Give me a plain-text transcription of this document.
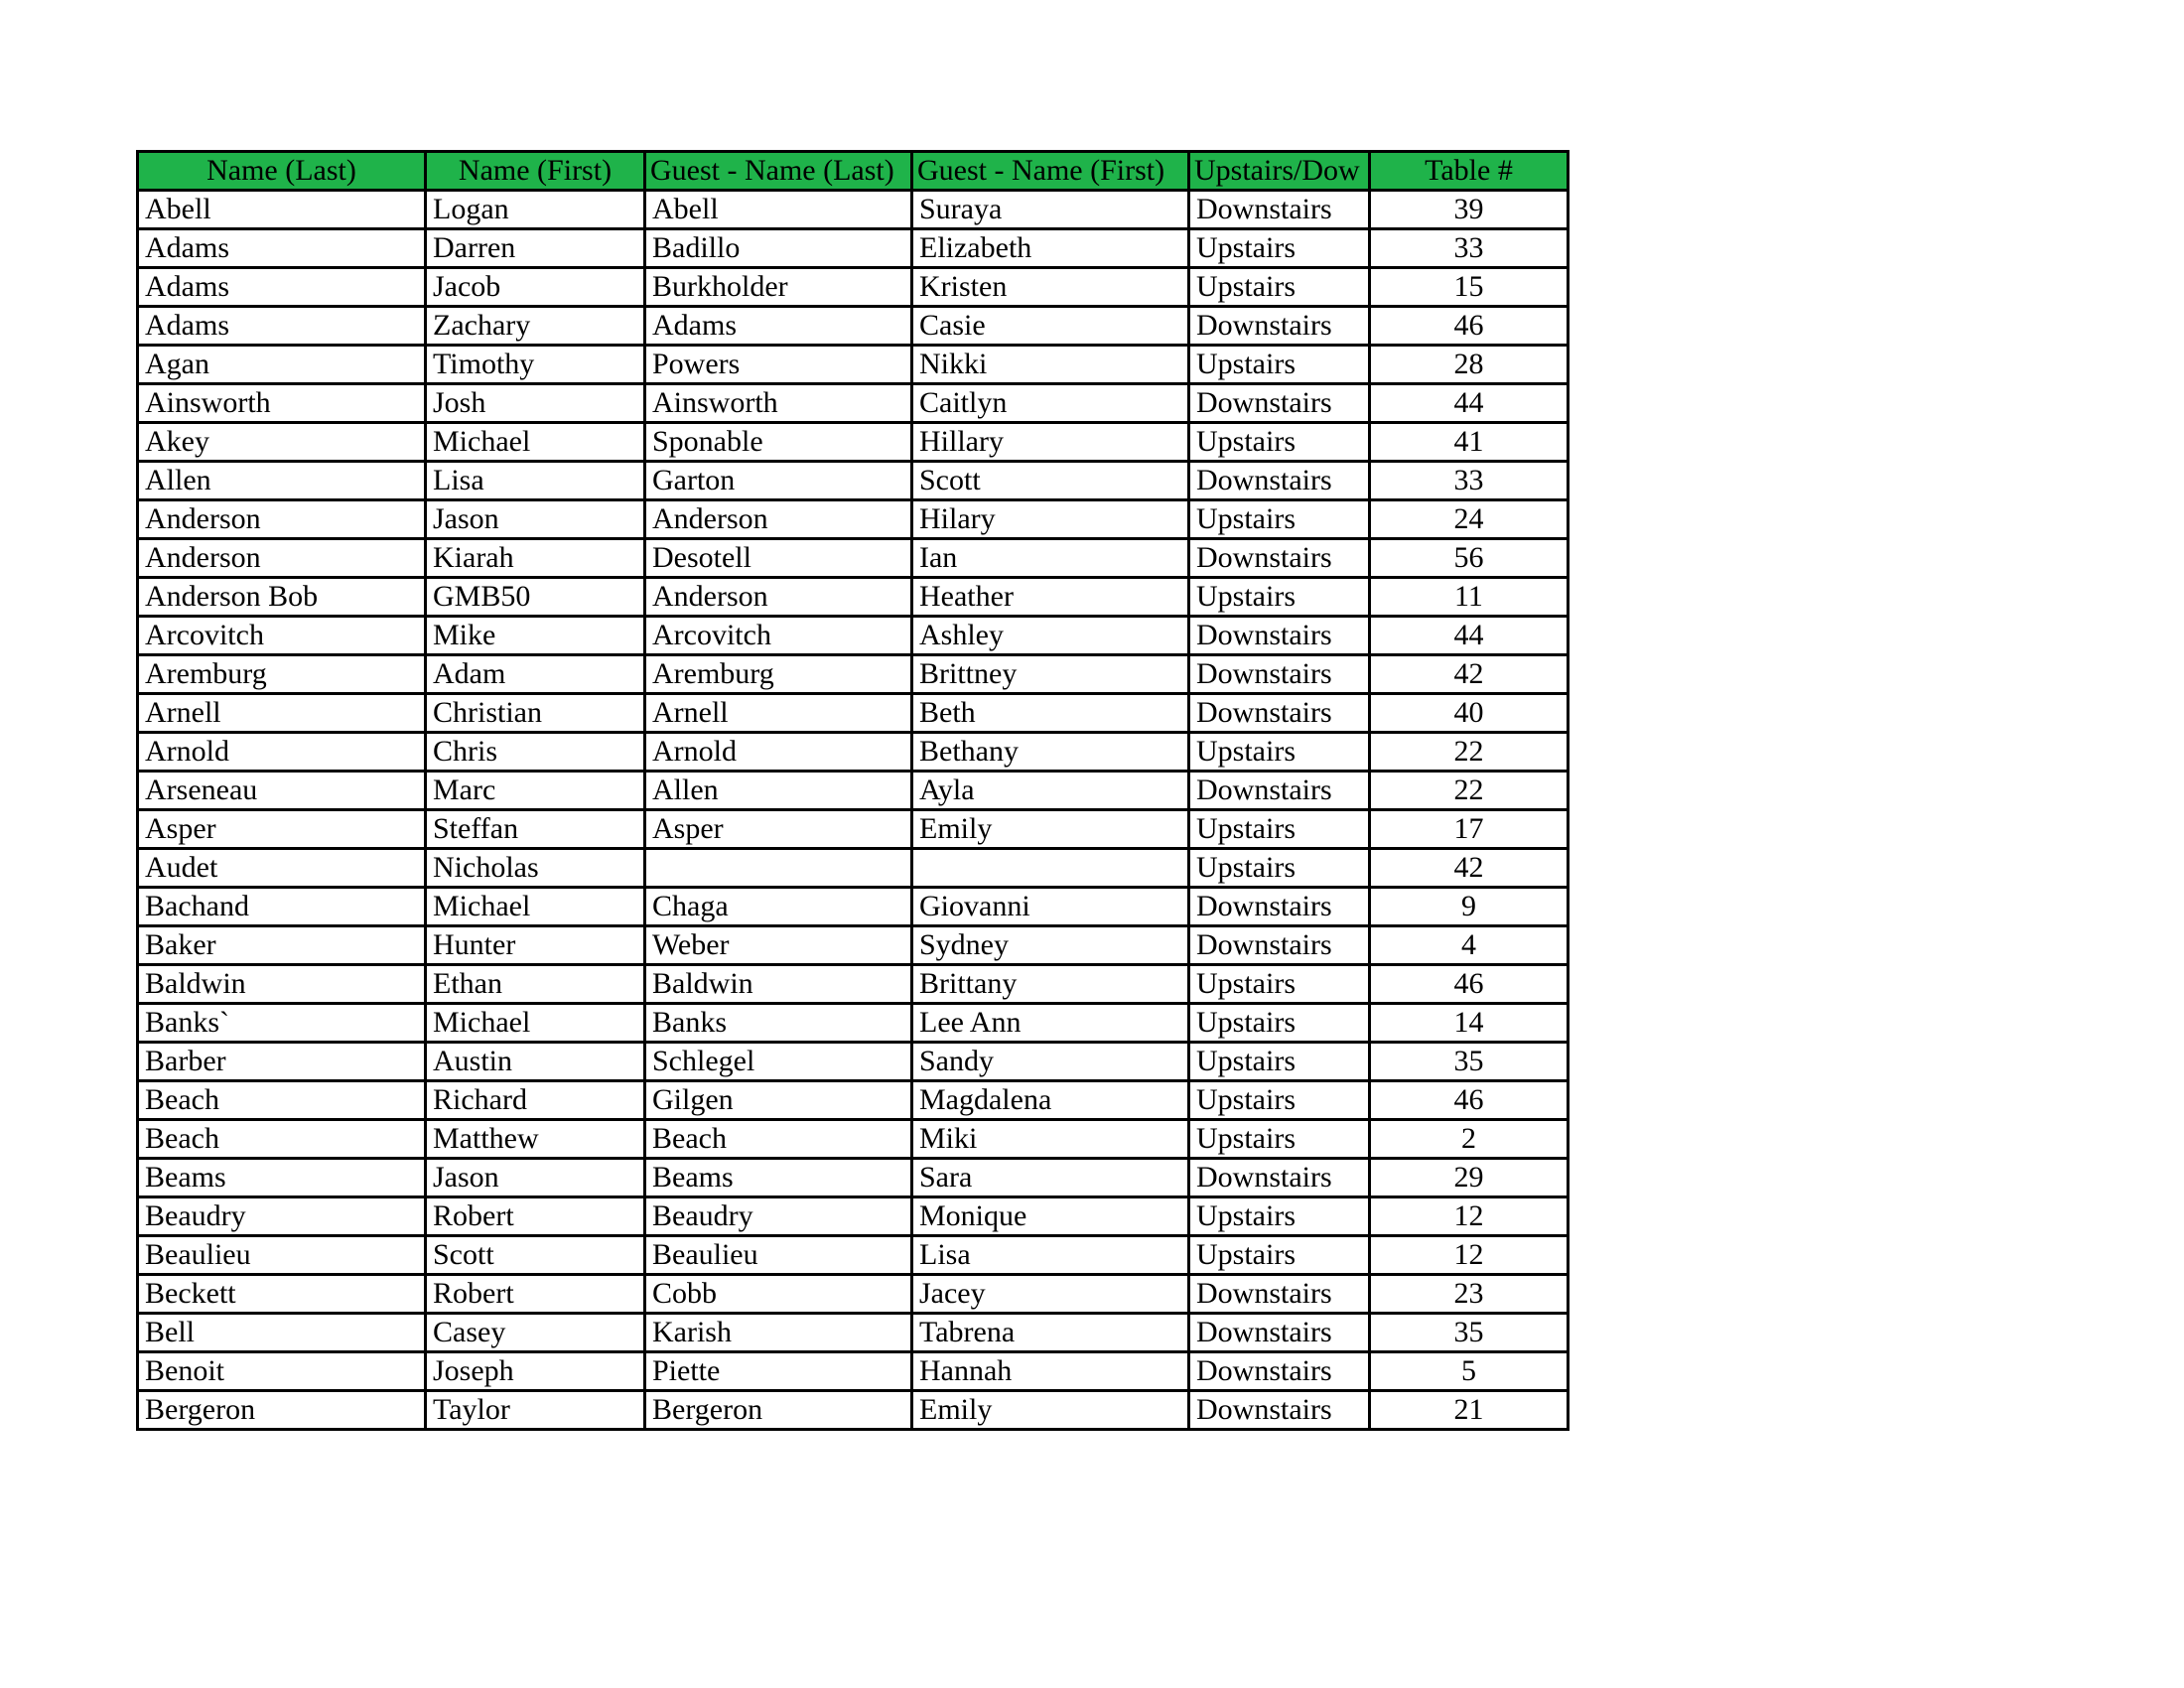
Name (Last)	Name (First)	Guest - Name (Last)	Guest - Name (First)	Upstairs/Dow	Table #
Abell	Logan	Abell	Suraya	Downstairs	39
Adams	Darren	Badillo	Elizabeth	Upstairs	33
Adams	Jacob	Burkholder	Kristen	Upstairs	15
Adams	Zachary	Adams	Casie	Downstairs	46
Agan	Timothy	Powers	Nikki	Upstairs	28
Ainsworth	Josh	Ainsworth	Caitlyn	Downstairs	44
Akey	Michael	Sponable	Hillary	Upstairs	41
Allen	Lisa	Garton	Scott	Downstairs	33
Anderson	Jason	Anderson	Hilary	Upstairs	24
Anderson	Kiarah	Desotell	Ian	Downstairs	56
Anderson Bob	GMB50	Anderson	Heather	Upstairs	11
Arcovitch	Mike	Arcovitch	Ashley	Downstairs	44
Aremburg	Adam	Aremburg	Brittney	Downstairs	42
Arnell	Christian	Arnell	Beth	Downstairs	40
Arnold	Chris	Arnold	Bethany	Upstairs	22
Arseneau	Marc	Allen	Ayla	Downstairs	22
Asper	Steffan	Asper	Emily	Upstairs	17
Audet	Nicholas			Upstairs	42
Bachand	Michael	Chaga	Giovanni	Downstairs	9
Baker	Hunter	Weber	Sydney	Downstairs	4
Baldwin	Ethan	Baldwin	Brittany	Upstairs	46
Banks`	Michael	Banks	Lee Ann	Upstairs	14
Barber	Austin	Schlegel	Sandy	Upstairs	35
Beach	Richard	Gilgen	Magdalena	Upstairs	46
Beach	Matthew	Beach	Miki	Upstairs	2
Beams	Jason	Beams	Sara	Downstairs	29
Beaudry	Robert	Beaudry	Monique	Upstairs	12
Beaulieu	Scott	Beaulieu	Lisa	Upstairs	12
Beckett	Robert	Cobb	Jacey	Downstairs	23
Bell	Casey	Karish	Tabrena	Downstairs	35
Benoit	Joseph	Piette	Hannah	Downstairs	5
Bergeron	Taylor	Bergeron	Emily	Downstairs	21
